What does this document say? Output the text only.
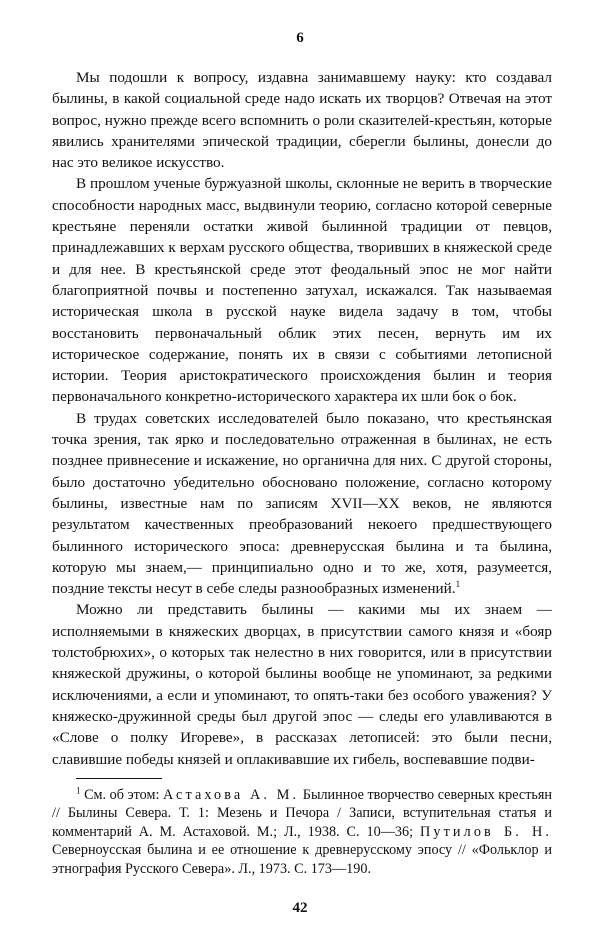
6

Мы подошли к вопросу, издавна занимавшему науку: кто создавал былины, в какой социальной среде надо искать их творцов? Отвечая на этот вопрос, нужно прежде всего вспомнить о роли сказителей-крестьян, которые явились хранителями эпической традиции, сберегли былины, донесли до нас это великое искусство.

В прошлом ученые буржуазной школы, склонные не верить в творческие способности народных масс, выдвинули теорию, согласно которой северные крестьяне переняли остатки живой былинной традиции от певцов, принадлежавших к верхам русского общества, творивших в княжеской среде и для нее. В крестьянской среде этот феодальный эпос не мог найти благоприятной почвы и постепенно затухал, искажался. Так называемая историческая школа в русской науке видела задачу в том, чтобы восстановить первоначальный облик этих песен, вернуть им их историческое содержание, понять их в связи с событиями летописной истории. Теория аристократического происхождения былин и теория первоначального конкретно-исторического характера их шли бок о бок.

В трудах советских исследователей было показано, что крестьянская точка зрения, так ярко и последовательно отраженная в былинах, не есть позднее привнесение и искажение, но органична для них. С другой стороны, было достаточно убедительно обосновано положение, согласно которому былины, известные нам по записям XVII—XX веков, не являются результатом качественных преобразований некоего предшествующего былинного исторического эпоса: древнерусская былина и та былина, которую мы знаем,— принципиально одно и то же, хотя, разумеется, поздние тексты несут в себе следы разнообразных изменений.$^1$

Можно ли представить былины — какими мы их знаем — исполняемыми в княжеских дворцах, в присутствии самого князя и «бояр толстобрюхих», о которых так нелестно в них говорится, или в присутствии княжеской дружины, о которой былины вообще не упоминают, за редкими исключениями, а если и упоминают, то опять-таки без особого уважения? У княжеско-дружинной среды был другой эпос — следы его улавливаются в «Слове о полку Игореве», в рассказах летописей: это были песни, славившие победы князей и оплакивавшие их гибель, воспевавшие подви-

$^1$ См. об этом: Астахова А. М. Былинное творчество северных крестьян // Былины Севера. Т. 1: Мезень и Печора / Записи, вступительная статья и комментарий А. М. Астаховой. М.; Л., 1938. С. 10—36; Путилов Б. Н. Северноусская былина и ее отношение к древнерусскому эпосу // «Фольклор и этнография Русского Севера». Л., 1973. С. 173—190.

42
